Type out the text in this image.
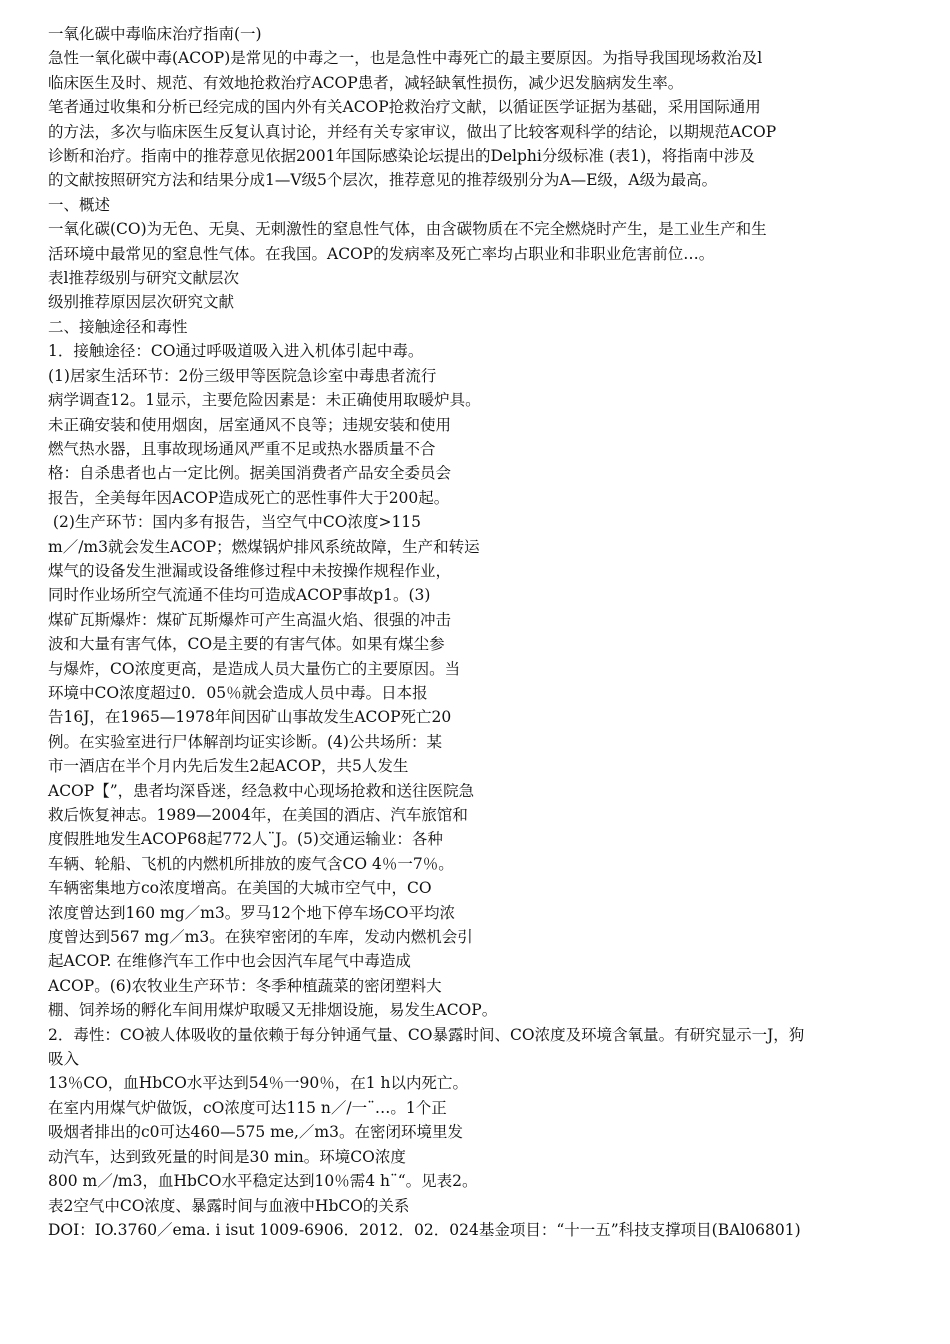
一氧化碳中毒临床治疗指南(一)

急性一氧化碳中毒(ACOP)是常见的中毒之一，也是急性中毒死亡的最主要原因。为指导我国现场救治及l

临床医生及时、规范、有效地抢救治疗ACOP患者，减轻缺氧性损伤，减少迟发脑病发生率。

笔者通过收集和分析已经完成的国内外有关ACOP抢救治疗文献，以循证医学证据为基础，采用国际通用

的方法，多次与临床医生反复认真讨论，并经有关专家审议，做出了比较客观科学的结论，以期规范ACOP

诊断和治疗。指南中的推荐意见依据2001年国际感染论坛提出的Delphi分级标准 (表1)，将指南中涉及

的文献按照研究方法和结果分成1—V级5个层次，推荐意见的推荐级别分为A—E级，A级为最高。

一、概述

一氧化碳(CO)为无色、无臭、无刺激性的窒息性气体，由含碳物质在不完全燃烧时产生，是工业生产和生

活环境中最常见的窒息性气体。在我国。ACOP的发病率及死亡率均占职业和非职业危害前位…。

表l推荐级别与研究文献层次

级别推荐原因层次研究文献

二、接触途径和毒性

1．接触途径：CO通过呼吸道吸入进入机体引起中毒。

(1)居家生活环节：2份三级甲等医院急诊室中毒患者流行

病学调查12。1显示，主要危险因素是：未正确使用取暖炉具。

未正确安装和使用烟囱，居室通风不良等；违规安装和使用

燃气热水器，且事故现场通风严重不足或热水器质量不合

格：自杀患者也占一定比例。据美国消费者产品安全委员会

报告，全美每年因ACOP造成死亡的恶性事件大于200起。

(2)生产环节：国内多有报告，当空气中CO浓度>115

m／/m3就会发生ACOP；燃煤锅炉排风系统故障，生产和转运

煤气的设备发生泄漏或设备维修过程中未按操作规程作业，

同时作业场所空气流通不佳均可造成ACOP事故p1。(3)

煤矿瓦斯爆炸：煤矿瓦斯爆炸可产生高温火焰、很强的冲击

波和大量有害气体，CO是主要的有害气体。如果有煤尘参

与爆炸，CO浓度更高，是造成人员大量伤亡的主要原因。当

环境中CO浓度超过0．05％就会造成人员中毒。日本报

告16J，在1965—1978年间因矿山事故发生ACOP死亡20

例。在实验室进行尸体解剖均证实诊断。(4)公共场所：某

市一酒店在半个月内先后发生2起ACOP，共5人发生

ACOP【”，患者均深昏迷，经急救中心现场抢救和送往医院急

救后恢复神志。1989—2004年，在美国的酒店、汽车旅馆和

度假胜地发生ACOP68起772人¨J。(5)交通运输业：各种

车辆、轮船、飞机的内燃机所排放的废气含CO 4％一7％。

车辆密集地方co浓度增高。在美国的大城市空气中，CO

浓度曾达到160 mg／m3。罗马12个地下停车场CO平均浓

度曾达到567 mg／m3。在狭窄密闭的车库，发动内燃机会引

起ACOP. 在维修汽车工作中也会因汽车尾气中毒造成

ACOP。(6)农牧业生产环节：冬季种植蔬菜的密闭塑料大

棚、饲养场的孵化车间用煤炉取暖又无排烟设施，易发生ACOP。

2．毒性：CO被人体吸收的量依赖于每分钟通气量、CO暴露时间、CO浓度及环境含氧量。有研究显示一J，狗

吸入

13％CO，血HbCO水平达到54％一90％，在1 h以内死亡。

在室内用煤气炉做饭，cO浓度可达115 n／/一¨…。1个正

吸烟者排出的c0可达460—575 me,／m3。在密闭环境里发

动汽车，达到致死量的时间是30 min。环境CO浓度

800 m／/m3，血HbCO水平稳定达到10％需4 h¨“。见表2。

表2空气中CO浓度、暴露时间与血液中HbCO的关系

DOI：IO.3760／ema. i isut 1009-6906．2012．02．024基金项目：“十一五”科技支撑项目(BAl06801)
